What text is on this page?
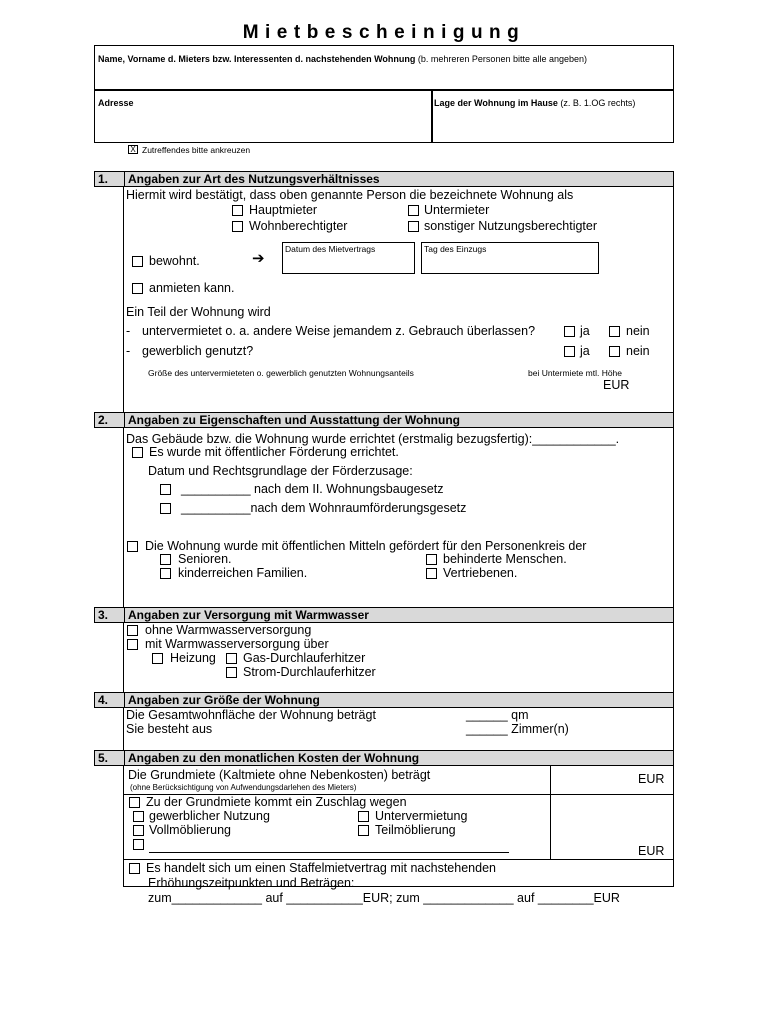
Mietbescheinigung
Name, Vorname d. Mieters bzw. Interessenten d. nachstehenden Wohnung (b. mehreren Personen bitte alle angeben)
Adresse	Lage der Wohnung im Hause (z. B. 1.OG rechts)
X Zutreffendes bitte ankreuzen
1. Angaben zur Art des Nutzungsverhältnisses
Hiermit wird bestätigt, dass oben genannte Person die bezeichnete Wohnung als
Hauptmieter	Untermieter
Wohnberechtigter	sonstiger Nutzungsberechtigter
bewohnt.	➔ Datum des Mietvertrags	Tag des Einzugs
anmieten kann.
Ein Teil der Wohnung wird
- untervermietet o. a. andere Weise jemandem z. Gebrauch überlassen?	ja	nein
- gewerblich genutzt?	ja	nein
Größe des untervermieteten o. gewerblich genutzten Wohnungsanteils	bei Untermiete mtl. Höhe
EUR
2. Angaben zu Eigenschaften und Ausstattung der Wohnung
Das Gebäude bzw. die Wohnung wurde errichtet (erstmalig bezugsfertig):____________.
Es wurde mit öffentlicher Förderung errichtet.
Datum und Rechtsgrundlage der Förderzusage:
__________ nach dem II. Wohnungsbaugesetz
__________nach dem Wohnraumförderungsgesetz
Die Wohnung wurde mit öffentlichen Mitteln gefördert für den Personenkreis der
Senioren.	behinderte Menschen.
kinderreichen Familien.	Vertriebenen.
3. Angaben zur Versorgung mit Warmwasser
ohne Warmwasserversorgung
mit Warmwasserversorgung über
Heizung Gas-Durchlauferhitzer
Strom-Durchlauferhitzer
4. Angaben zur Größe der Wohnung
Die Gesamtwohnfläche der Wohnung beträgt	______ qm
Sie besteht aus	______ Zimmer(n)
5. Angaben zu den monatlichen Kosten der Wohnung
Die Grundmiete (Kaltmiete ohne Nebenkosten) beträgt
(ohne Berücksichtigung von Aufwendungsdarlehen des Mieters)
EUR
Zu der Grundmiete kommt ein Zuschlag wegen
gewerblicher Nutzung	Untervermietung
Vollmöblierung	Teilmöblierung
EUR
Es handelt sich um einen Staffelmietvertrag mit nachstehenden
Erhöhungszeitpunkten und Beträgen:
zum_____________ auf ___________EUR; zum _____________ auf ________EUR
